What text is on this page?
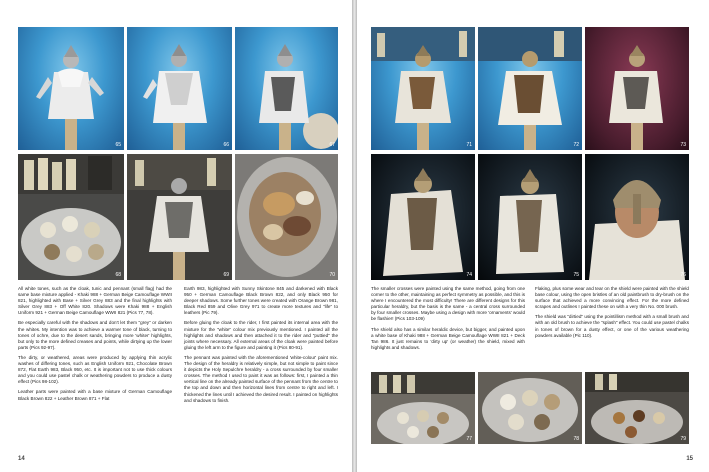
65	66	67
68	69	70

All white tones, such as the cloak, tunic and pennant (small flag) had the same base mixture applied - Khaki 988 + German Beige Camouflage WWII 821, highlighted with Base + Silver Grey 883 and the final highlights with Silver Grey 883 + Off White 820. Shadows were Khaki 988 + English Uniform 921 + German Beige Camouflage WWII 821 (Pics 77, 78).

Be especially careful with the shadows and don't let them "grey" or darken the whites. My intention was to achieve a warmer tone of black, turning to tones of ochre, due to the desert sands, bringing more 'whiter' highlights, but only to the more defined creases and points, while dirtying up the lower parts (Pics 92-97).

The dirty, or weathered, areas were produced by applying thin acrylic washes of differing tones, such as English Uniform 921, Chocolate Brown 872, Flat Earth 983, Black 950, etc. It is important not to use thick colours and you could use pastel chalk or weathering powders to produce a dusty effect (Pics 98-102).

Leather parts were painted with a base mixture of German Camouflage Black Brown 822 + Leather Brown 871 + Flat

Earth 983, highlighted with Sunny Skintone 845 and darkened with Black 950 + German Camouflage Black Brown 822, and only Black 950 for deeper shadows. Some further tones were created with Orange Brown 981, Black Red 859 and Olive Grey 971 to create more textures and "life" to leathers (Pic 79).

Before gluing the cloak to the rider, I first painted its internal area with the mixture for the "white" colour mix previously mentioned. I painted all the highlights and shadows and then attached it to the rider and "puttied" the joints where necessary. All external areas of the cloak were painted before gluing the left arm to the figure and painting it (Pics 80-91).

The pennant was painted with the aforementioned 'white-colour' paint mix. The design of the heraldry is relatively simple, but not simple to paint since it depicts the Holy Sepulchre heraldry - a cross surrounded by four smaller crosses. The method I used to paint it was as follows: first, I painted a thin vertical line on the already painted surface of the pennant from the centre to the top and down and then horizontal lines from centre to right and left. I thickened the lines until I achieved the desired result. I painted on highlights and shadows to finish.

14
71	72	73
74	75	76

The smaller crosses were painted using the same method, going from one corner to the other, maintaining as perfect symmetry as possible, and this is where I encountered the most difficulty! There are different designs for this particular heraldry, but the basis is the same - a central cross surrounded by four smaller crosses. Maybe using a design with more 'ornaments' would be flashier! (Pics 103-109)

The shield also has a similar heraldic device, but bigger, and painted upon a white base of Khaki 988 + German Beige Camouflage WWII 821 + Deck Tan 986. It just remains to 'dirty up' (or weather) the shield, mixed with highlights and shadows.

Flaking, plus some wear and tear on the shield were painted with the shield base colour, using the open bristles of an old paintbrush to dry-brush on the surface that achieved a more convincing effect. For the more defined scrapes and outlines I painted these on with a very thin No. 000 brush.

The shield was "dirtied" using the pointillism method with a small brush and with an old brush to achieve the "splash" effect. You could use pastel chalks in tones of brown for a dusty effect, or one of the various weathering powders available (Pic 110).

77	78	79
15
